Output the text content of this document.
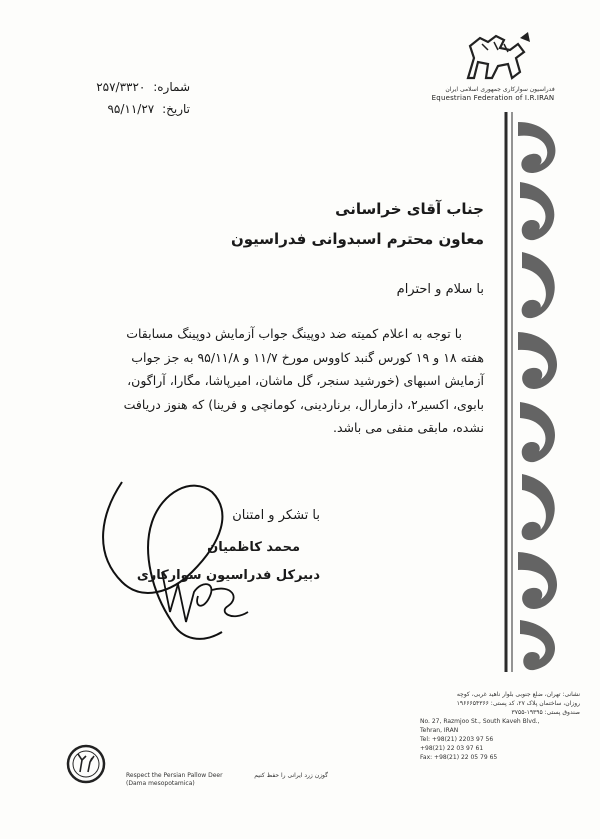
فدراسیون سوارکاری جمهوری اسلامی ایران
Equestrian Federation of I.R.IRAN
شماره: ۲۵۷/۳۳۲۰
تاریخ: ۹۵/۱۱/۲۷
جناب آقای خراسانی
معاون محترم اسبدوانی فدراسیون
با سلام و احترام
با توجه به اعلام کمیته ضد دوپینگ جواب آزمایش دوپینگ مسابقات
هفته ۱۸ و ۱۹ کورس گنبد کاووس مورخ ۱۱/۷ و ۹۵/۱۱/۸ به جز جواب
آزمایش اسبهای (خورشید سنجر، گل ماشان، امیرپاشا، مگارا، آراگون،
بابوی، اکسیر۲، دازمارال، برناردینی، کومانچی و فرینا) که هنوز دریافت
نشده، مابقی منفی می باشد.
با تشکر و امتنان
محمد کاظمیان
دبیرکل فدراسیون سوارکاری
نشانی: تهران، ضلع جنوبی بلوار ناهید غربی، کوچه
روزان، ساختمان پلاک ۲۷، کد پستی: ۱۹۶۶۶۵۴۳۶۶
صندوق پستی: ۱۹۳۹۵-۳۷۵۵
No. 27, Razmjoo St., South Kaveh Blvd.,
Tehran, IRAN
Tel: +98(21) 2203 97 56
+98(21) 22 03 97 61
Fax: +98(21) 22 05 79 65
Respect the Persian Pallow Deer
(Dama mesopotamica)
گوزن زرد ایرانی را حفظ کنیم
